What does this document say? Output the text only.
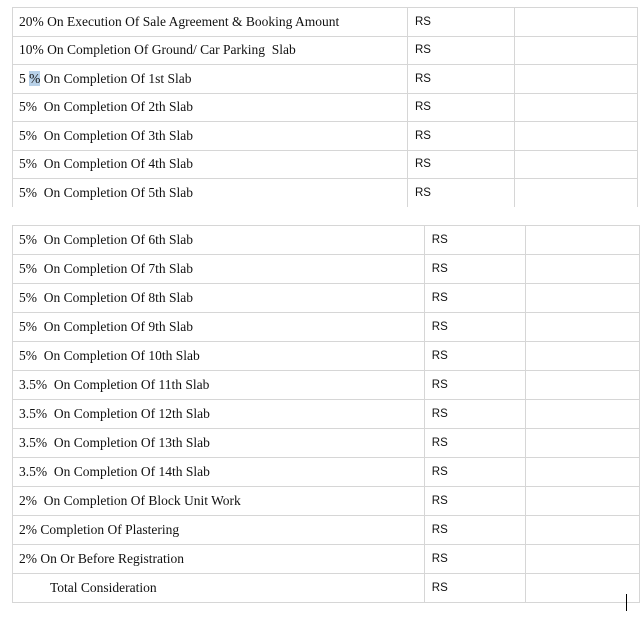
20% On Execution Of Sale Agreement & Booking Amount	RS	
10% On Completion Of Ground/ Car Parking  Slab	RS	
5 % On Completion Of 1st Slab	RS	
5%  On Completion Of 2th Slab	RS	
5%  On Completion Of 3th Slab	RS	
5%  On Completion Of 4th Slab	RS	
5%  On Completion Of 5th Slab	RS	
5%  On Completion Of 6th Slab	RS	
5%  On Completion Of 7th Slab	RS	
5%  On Completion Of 8th Slab	RS	
5%  On Completion Of 9th Slab	RS	
5%  On Completion Of 10th Slab	RS	
3.5%  On Completion Of 11th Slab	RS	
3.5%  On Completion Of 12th Slab	RS	
3.5%  On Completion Of 13th Slab	RS	
3.5%  On Completion Of 14th Slab	RS	
2%  On Completion Of Block Unit Work	RS	
2% Completion Of Plastering	RS	
2% On Or Before Registration	RS	
Total Consideration	RS	
